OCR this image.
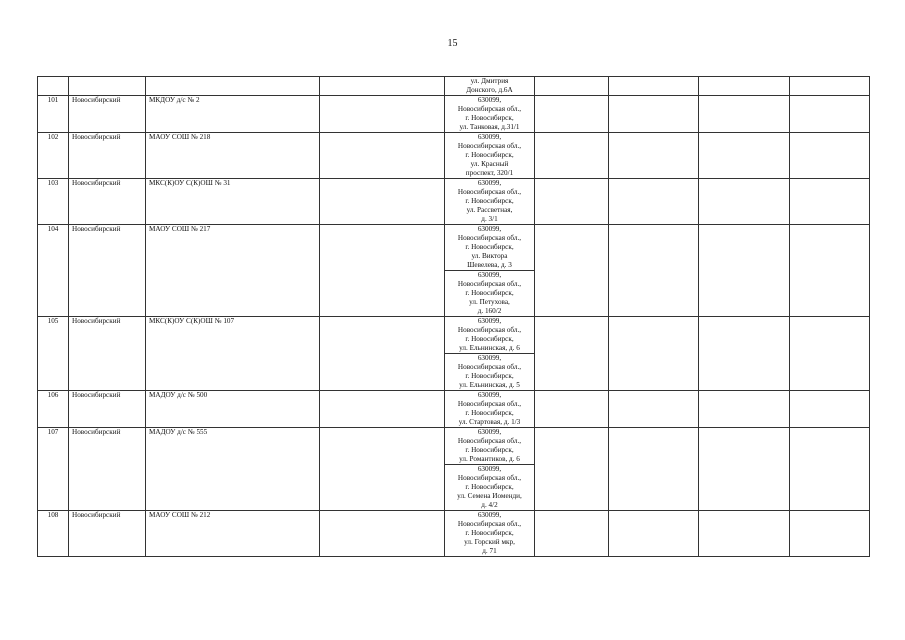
15

				ул. Дмитрия
Донского, д.6А				

101	Новосибирский	МКДОУ д/с № 2		630099,
Новосибирская обл.,
г. Новосибирск,
ул. Танковая, д.31/1				

102	Новосибирский	МАОУ СОШ № 218		630099,
Новосибирская обл.,
г. Новосибирск,
ул. Красный
проспект, 320/1				

103	Новосибирский	МКС(К)ОУ С(К)ОШ № 31		630099,
Новосибирская обл.,
г. Новосибирск,
ул. Рассветная,
д. 3/1				

104	Новосибирский	МАОУ СОШ № 217		630099,
Новосибирская обл.,
г. Новосибирск,
ул. Виктора
Шевелева, д. 3				

				630099,
Новосибирская обл.,
г. Новосибирск,
ул. Петухова,
д. 160/2				

105	Новосибирский	МКС(К)ОУ С(К)ОШ № 107		630099,
Новосибирская обл.,
г. Новосибирск,
ул. Ельнинская, д. 6				

				630099,
Новосибирская обл.,
г. Новосибирск,
ул. Ельнинская, д. 5				

106	Новосибирский	МАДОУ д/с № 500		630099,
Новосибирская обл.,
г. Новосибирск,
ул. Стартовая, д. 1/3				

107	Новосибирский	МАДОУ д/с № 555		630099,
Новосибирская обл.,
г. Новосибирск,
ул. Романтиков, д. 6				

				630099,
Новосибирская обл.,
г. Новосибирск,
ул. Семена Иоменди,
д. 4/2				

108	Новосибирский	МАОУ СОШ № 212		630099,
Новосибирская обл.,
г. Новосибирск,
ул. Горский мкр,
д. 71				
